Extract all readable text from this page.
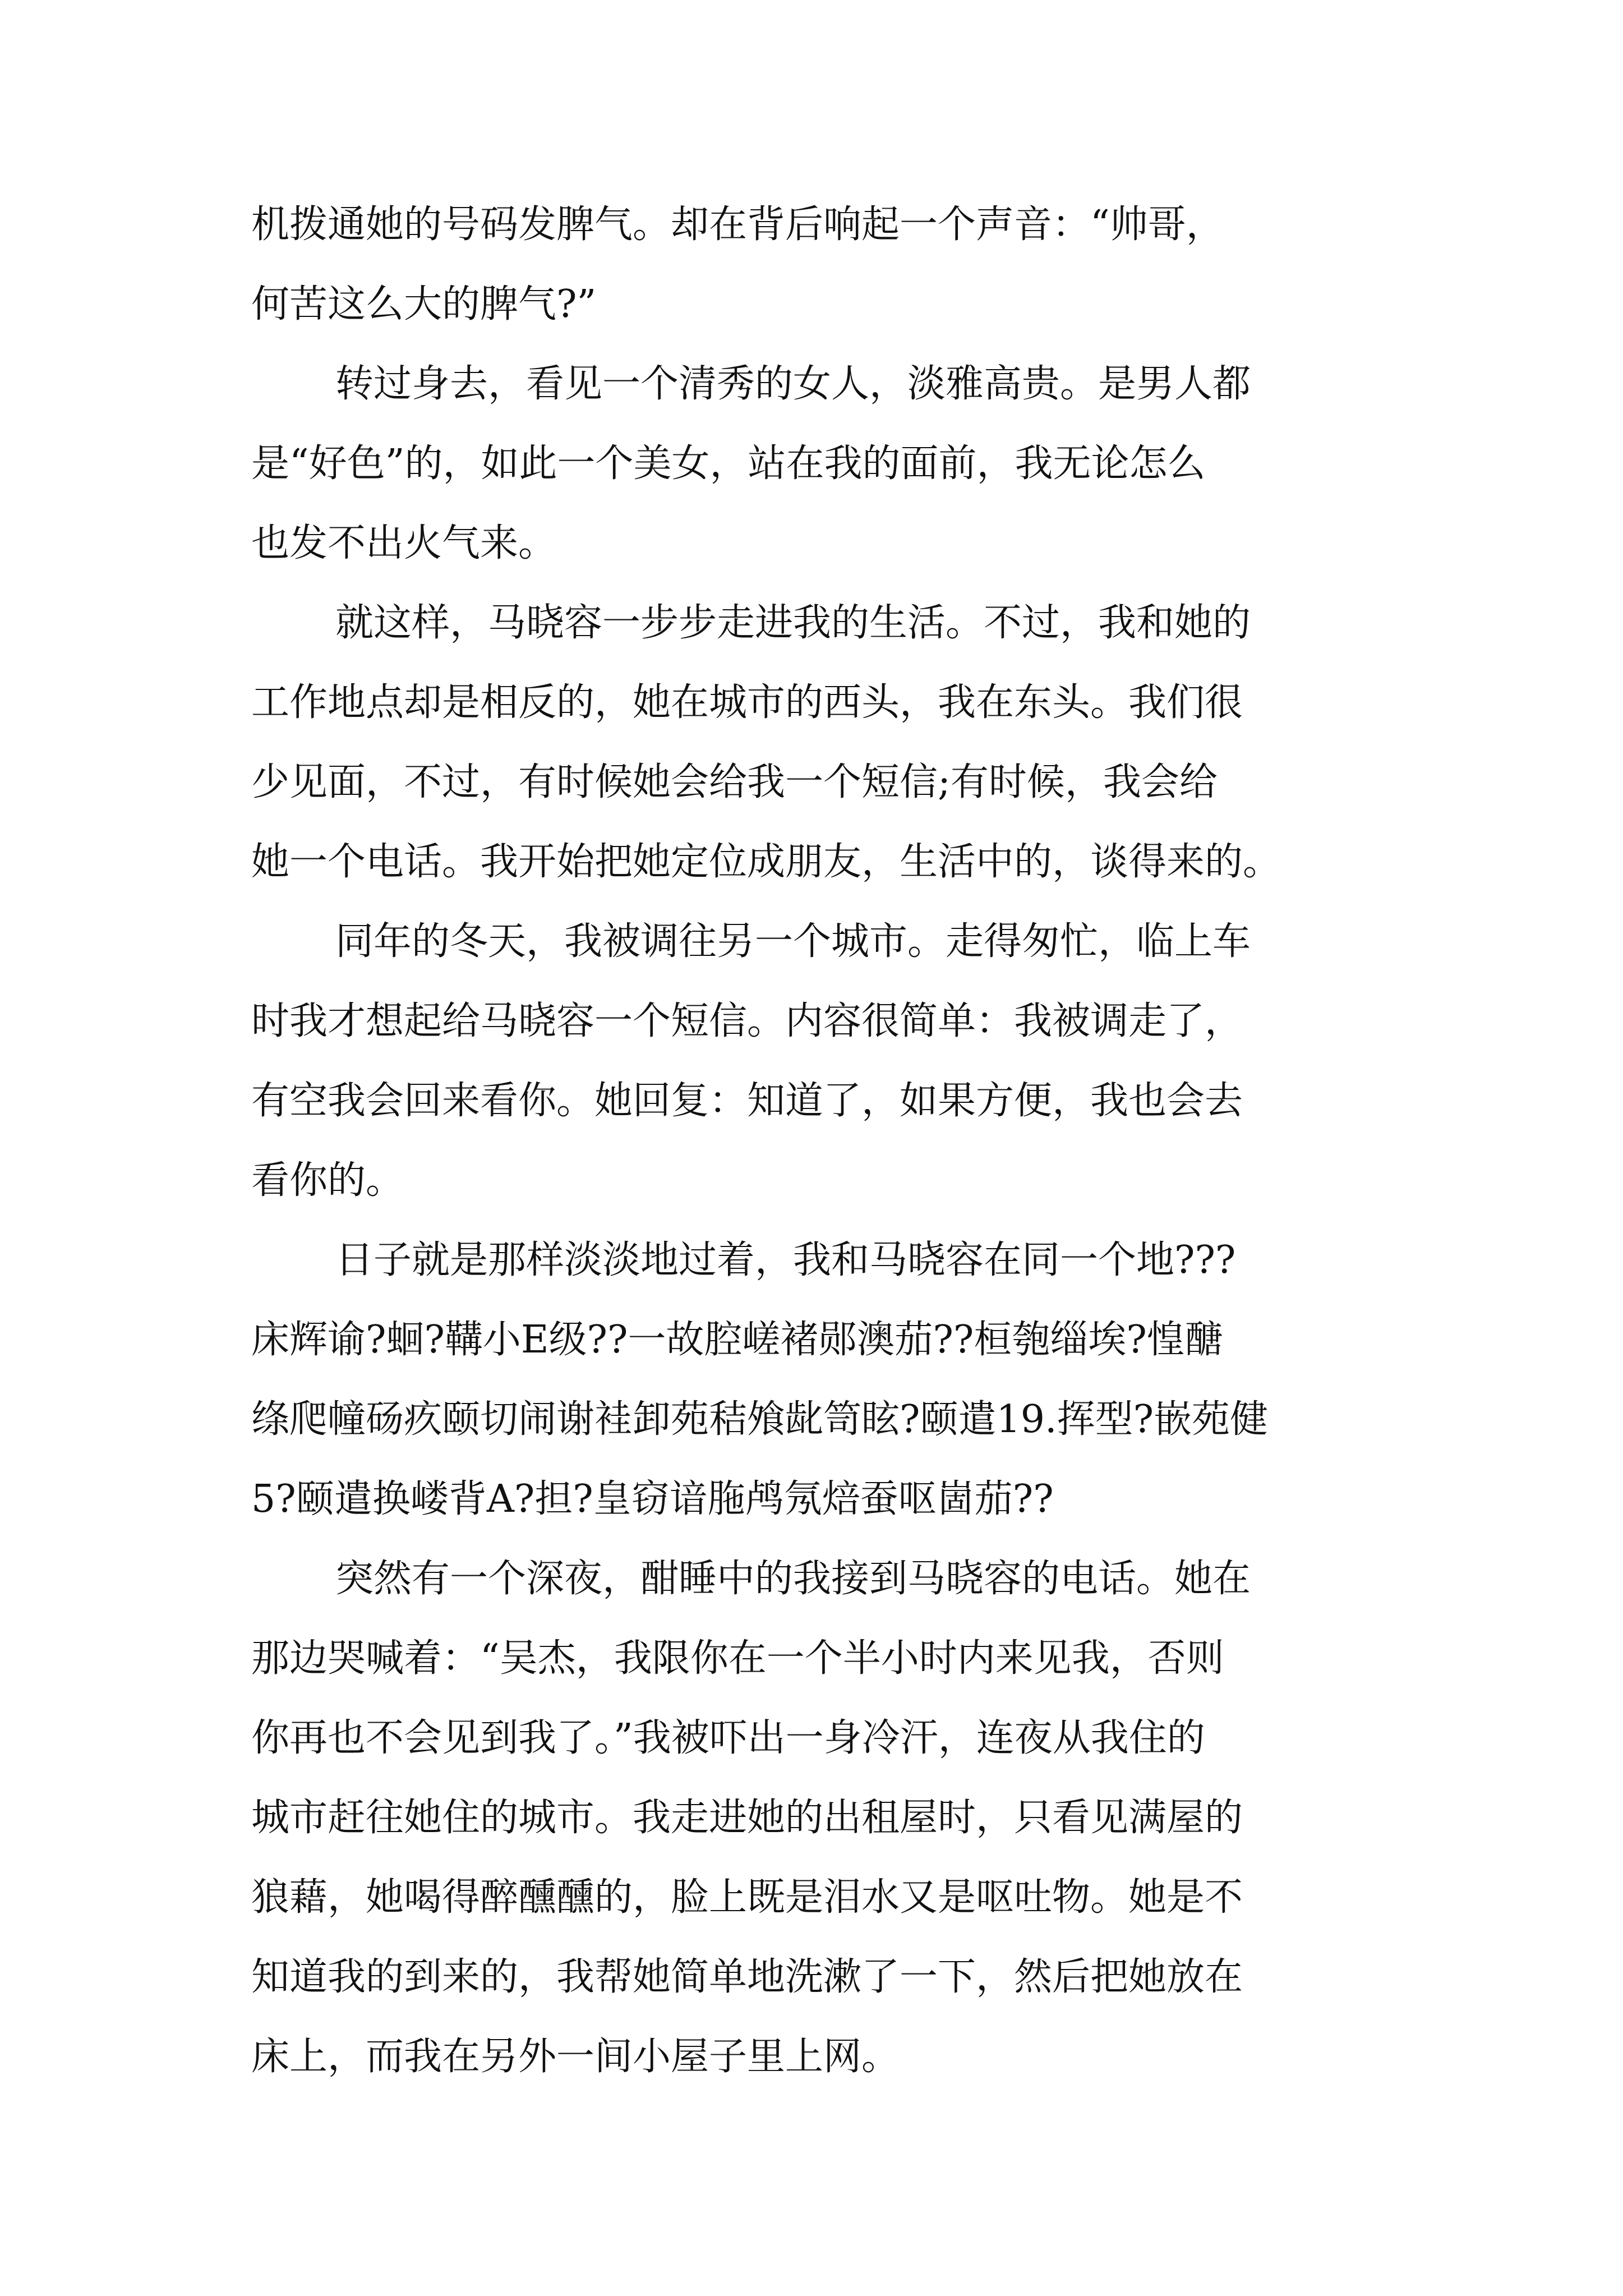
机拨通她的号码发脾气。却在背后响起一个声音：“帅哥，
何苦这么大的脾气?”
转过身去，看见一个清秀的女人，淡雅高贵。是男人都
是“好色”的，如此一个美女，站在我的面前，我无论怎么
也发不出火气来。
就这样，马晓容一步步走进我的生活。不过，我和她的
工作地点却是相反的，她在城市的西头，我在东头。我们很
少见面，不过，有时候她会给我一个短信;有时候，我会给
她一个电话。我开始把她定位成朋友，生活中的，谈得来的。
同年的冬天，我被调往另一个城市。走得匆忙，临上车
时我才想起给马晓容一个短信。内容很简单：我被调走了，
有空我会回来看你。她回复：知道了，如果方便，我也会去
看你的。
日子就是那样淡淡地过着，我和马晓容在同一个地???
床辉谕?蛔?鞲小E级??一故腔嵯褚郧澳茄??桓匏缁埃?惶醣
绦爬幢砀疚颐切闹谢袿卸苑秸飧龀笥眩?颐遣19.挥型?嵌苑健
5?颐遣换嵝背A?担?皇窃谙胣鸬氖焙蚕呕崮茄??
突然有一个深夜，酣睡中的我接到马晓容的电话。她在
那边哭喊着：“吴杰，我限你在一个半小时内来见我，否则
你再也不会见到我了。”我被吓出一身冷汗，连夜从我住的
城市赶往她住的城市。我走进她的出租屋时，只看见满屋的
狼藉，她喝得醉醺醺的，脸上既是泪水又是呕吐物。她是不
知道我的到来的，我帮她简单地洗漱了一下，然后把她放在
床上，而我在另外一间小屋子里上网。
